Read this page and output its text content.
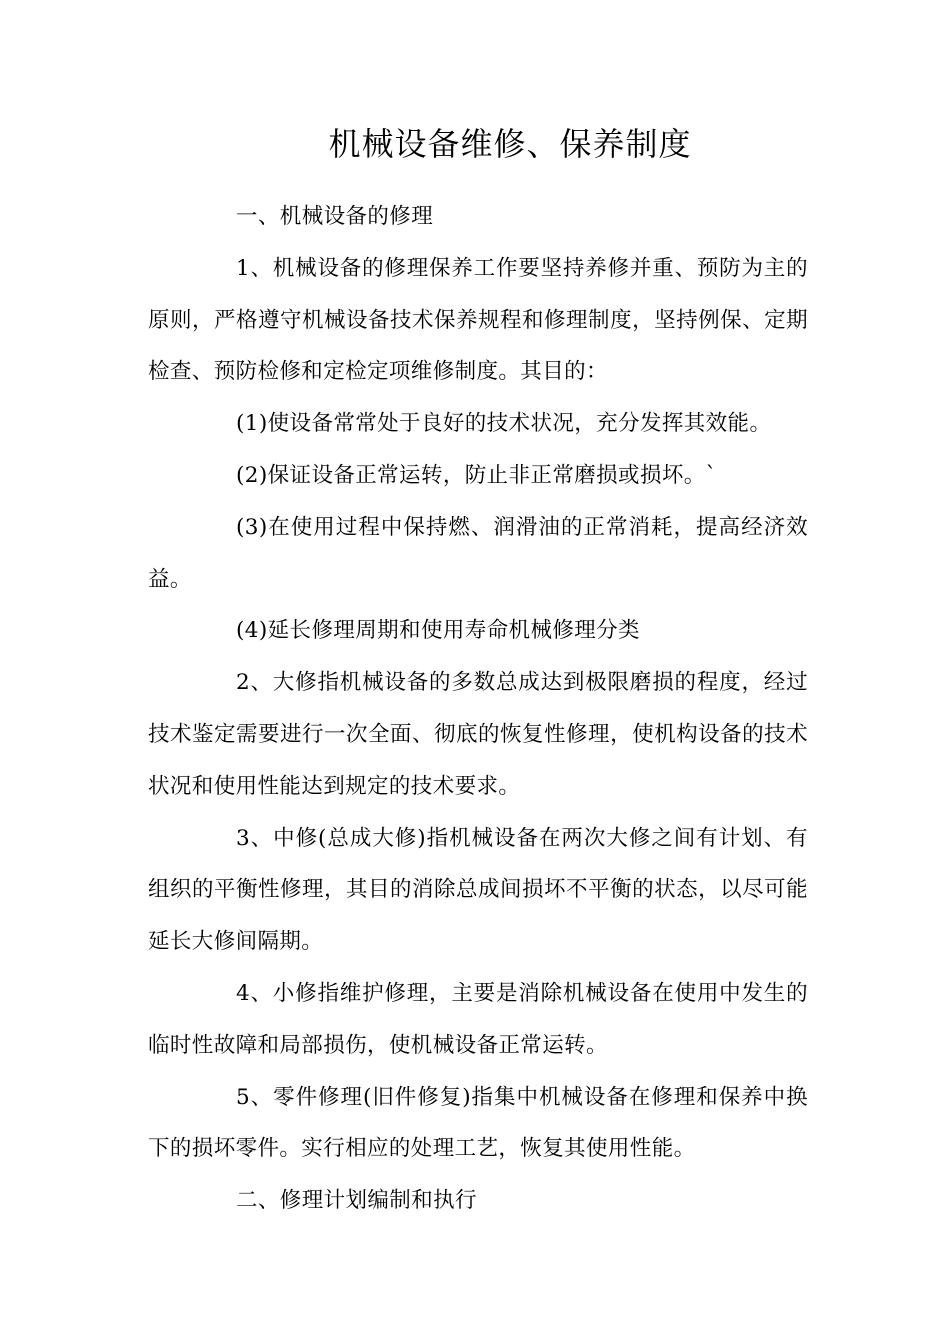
机械设备维修、保养制度

一、机械设备的修理

1、机械设备的修理保养工作要坚持养修并重、预防为主的原则，严格遵守机械设备技术保养规程和修理制度，坚持例保、定期检查、预防检修和定检定项维修制度。其目的：

(1)使设备常常处于良好的技术状况，充分发挥其效能。

(2)保证设备正常运转，防止非正常磨损或损坏。`

(3)在使用过程中保持燃、润滑油的正常消耗，提高经济效益。

(4)延长修理周期和使用寿命机械修理分类

2、大修指机械设备的多数总成达到极限磨损的程度，经过技术鉴定需要进行一次全面、彻底的恢复性修理，使机构设备的技术状况和使用性能达到规定的技术要求。

3、中修(总成大修)指机械设备在两次大修之间有计划、有组织的平衡性修理，其目的消除总成间损坏不平衡的状态，以尽可能延长大修间隔期。

4、小修指维护修理，主要是消除机械设备在使用中发生的临时性故障和局部损伤，使机械设备正常运转。

5、零件修理(旧件修复)指集中机械设备在修理和保养中换下的损坏零件。实行相应的处理工艺，恢复其使用性能。

二、修理计划编制和执行
